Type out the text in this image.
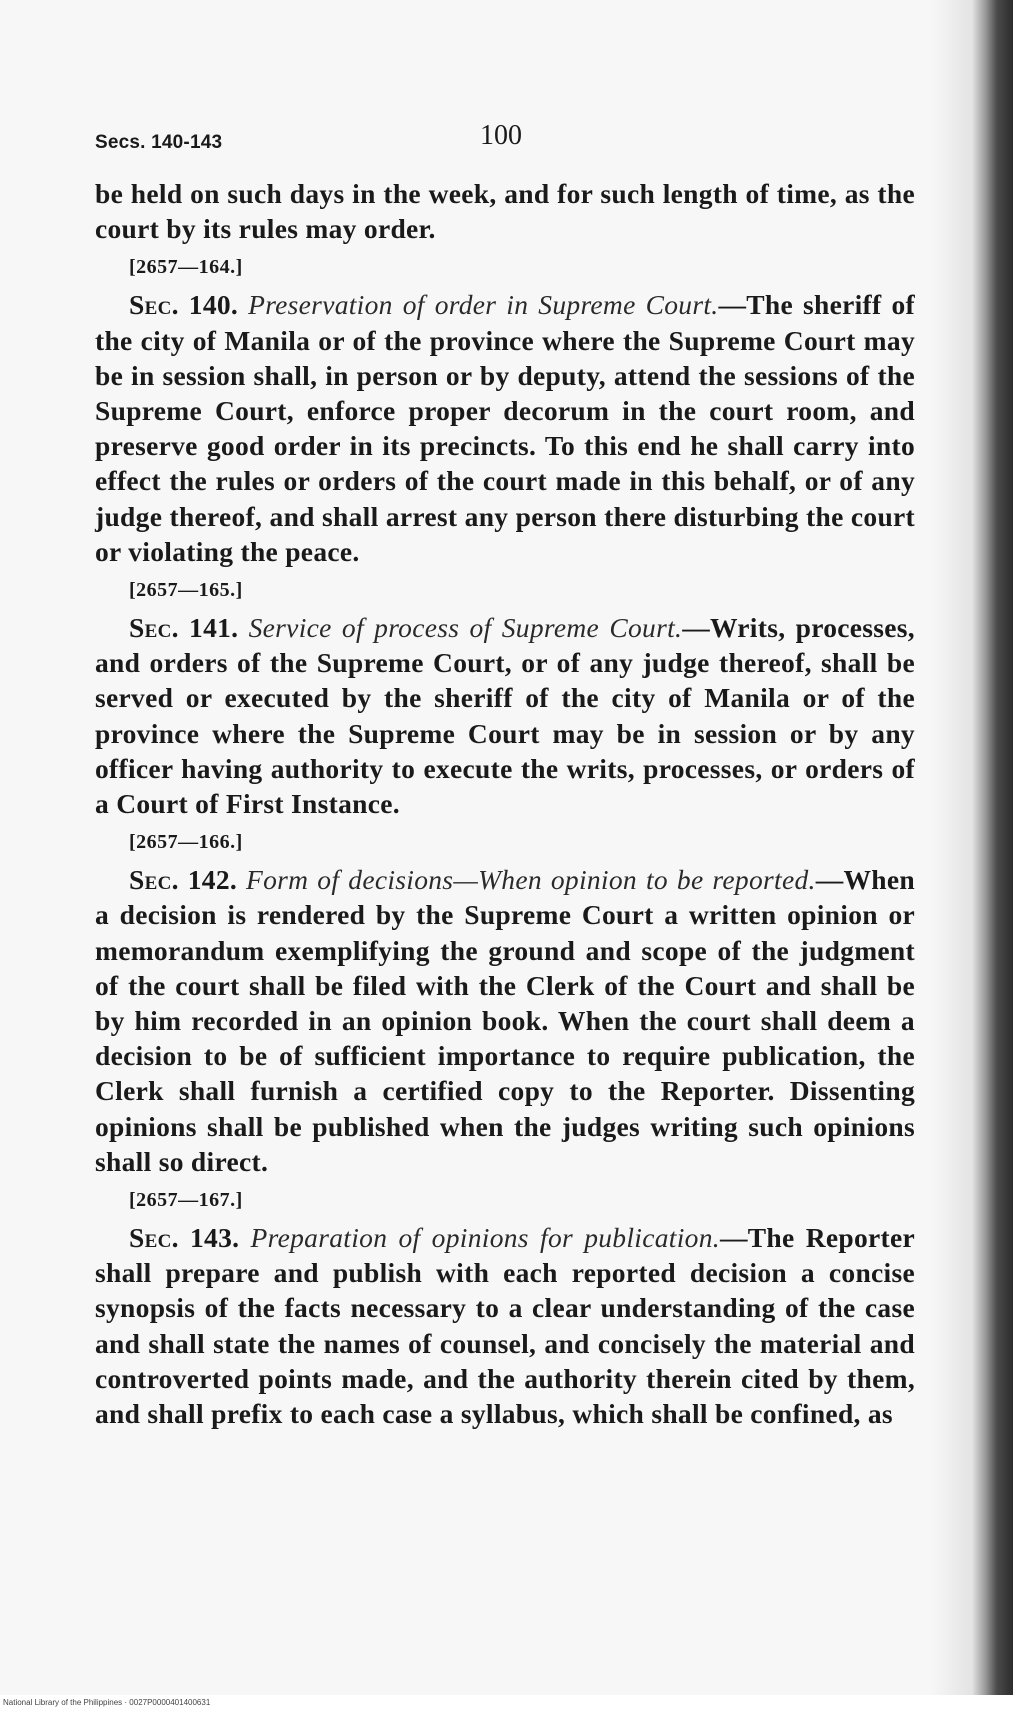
Secs. 140-143	100

be held on such days in the week, and for such length of time, as the court by its rules may order.

[2657—164.]

Sec. 140. Preservation of order in Supreme Court.—The sheriff of the city of Manila or of the province where the Supreme Court may be in session shall, in person or by deputy, attend the sessions of the Supreme Court, enforce proper decorum in the court room, and preserve good order in its precincts. To this end he shall carry into effect the rules or orders of the court made in this behalf, or of any judge thereof, and shall arrest any person there disturbing the court or violating the peace.

[2657—165.]

Sec. 141. Service of process of Supreme Court.—Writs, processes, and orders of the Supreme Court, or of any judge thereof, shall be served or executed by the sheriff of the city of Manila or of the province where the Supreme Court may be in session or by any officer having authority to execute the writs, processes, or orders of a Court of First Instance.

[2657—166.]

Sec. 142. Form of decisions—When opinion to be reported.—When a decision is rendered by the Supreme Court a written opinion or memorandum exemplifying the ground and scope of the judgment of the court shall be filed with the Clerk of the Court and shall be by him recorded in an opinion book. When the court shall deem a decision to be of sufficient importance to require publication, the Clerk shall furnish a certified copy to the Reporter. Dissenting opinions shall be published when the judges writing such opinions shall so direct.

[2657—167.]

Sec. 143. Preparation of opinions for publication.—The Reporter shall prepare and publish with each reported decision a concise synopsis of the facts necessary to a clear understanding of the case and shall state the names of counsel, and concisely the material and controverted points made, and the authority therein cited by them, and shall prefix to each case a syllabus, which shall be confined, as

National Library of the Philippines · 0027P0000401400631
